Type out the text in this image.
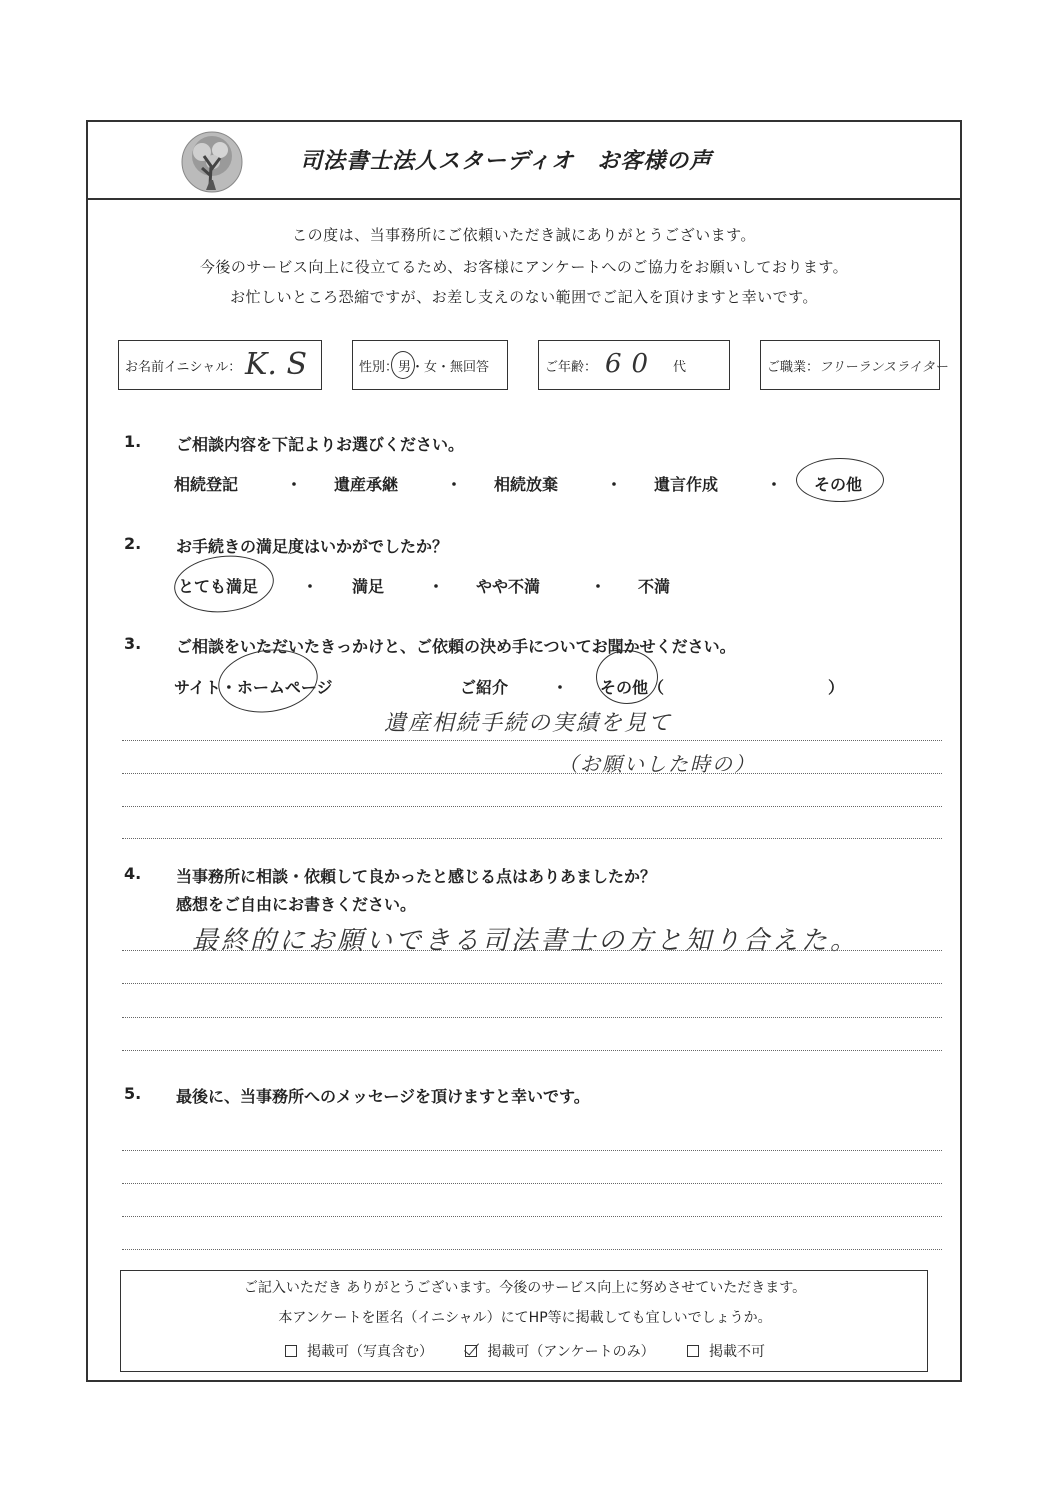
司法書士法人スターディオ　お客様の声
この度は、当事務所にご依頼いただき誠にありがとうございます。
今後のサービス向上に役立てるため、お客様にアンケートへのご協力をお願いしております。
お忙しいところ恐縮ですが、お差し支えのない範囲でご記入を頂けますと幸いです。
お名前イニシャル： K. S	性別：男・女・無回答	ご年齢： 60 代	ご職業： フリーランスライター
1. ご相談内容を下記よりお選びください。
相続登記	・ 遺産承継	・ 相続放棄	・ 遺言作成	・ その他
2. お手続きの満足度はいかがでしたか？
とても満足	・ 満足	・ やや不満	・ 不満
3. ご相談をいただいたきっかけと、ご依頼の決め手についてお聞かせください。
サイト・ホームページ	ご紹介	・ その他（	）
遺産相続手続の実績を見て
（お願いした時の）
4. 当事務所に相談・依頼して良かったと感じる点はありあましたか？
感想をご自由にお書きください。
最終的にお願いできる司法書士の方と知り合えた。
5. 最後に、当事務所へのメッセージを頂けますと幸いです。
ご記入いただき ありがとうございます。今後のサービス向上に努めさせていただきます。
本アンケートを匿名（イニシャル）にてHP等に掲載しても宜しいでしょうか。
掲載可（写真含む）	掲載可（アンケートのみ）	掲載不可
